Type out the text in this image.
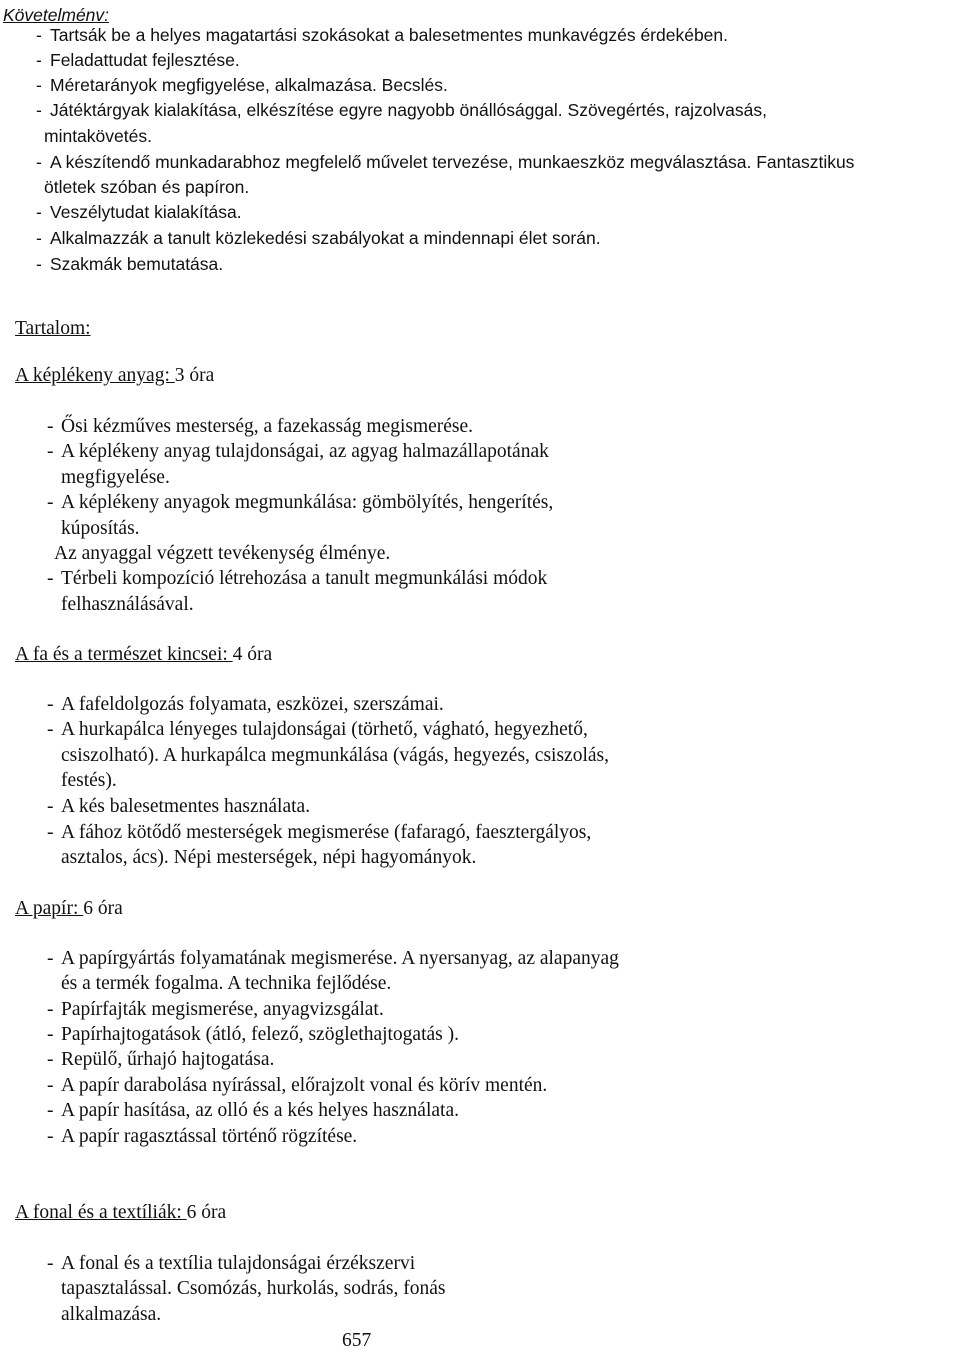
Követelménv:
- Tartsák be a helyes magatartási szokásokat a balesetmentes munkavégzés érdekében.
- Feladattudat fejlesztése.
- Méretarányok megfigyelése, alkalmazása. Becslés.
- Játéktárgyak kialakítása, elkészítése egyre nagyobb önállósággal. Szövegértés, rajzolvasás,
mintakövetés.
- A készítendő munkadarabhoz megfelelő művelet tervezése, munkaeszköz megválasztása. Fantasztikus
ötletek szóban és papíron.
- Veszélytudat kialakítása.
- Alkalmazzák a tanult közlekedési szabályokat a mindennapi élet során.
- Szakmák bemutatása.
Tartalom:
A képlékeny anyag: 3 óra
- Ősi kézműves mesterség, a fazekasság megismerése.
- A képlékeny anyag tulajdonságai, az agyag halmazállapotának
megfigyelése.
- A képlékeny anyagok megmunkálása: gömbölyítés, hengerítés,
kúposítás.
Az anyaggal végzett tevékenység élménye.
- Térbeli kompozíció létrehozása a tanult megmunkálási módok
felhasználásával.
A fa és a természet kincsei: 4 óra
- A fafeldolgozás folyamata, eszközei, szerszámai.
- A hurkapálca lényeges tulajdonságai (törhető, vágható, hegyezhető,
csiszolható). A hurkapálca megmunkálása (vágás, hegyezés, csiszolás,
festés).
- A kés balesetmentes használata.
- A fához kötődő mesterségek megismerése (fafaragó, faesztergályos,
asztalos, ács). Népi mesterségek, népi hagyományok.
A papír: 6 óra
- A papírgyártás folyamatának megismerése. A nyersanyag, az alapanyag
és a termék fogalma. A technika fejlődése.
- Papírfajták megismerése, anyagvizsgálat.
- Papírhajtogatások (átló, felező, szöglethajtogatás ).
- Repülő, űrhajó hajtogatása.
- A papír darabolása nyírással, előrajzolt vonal és körív mentén.
- A papír hasítása, az olló és a kés helyes használata.
- A papír ragasztással történő rögzítése.
A fonal és a textíliák: 6 óra
- A fonal és a textília tulajdonságai érzékszervi
tapasztalással. Csomózás, hurkolás, sodrás, fonás
alkalmazása.
657
